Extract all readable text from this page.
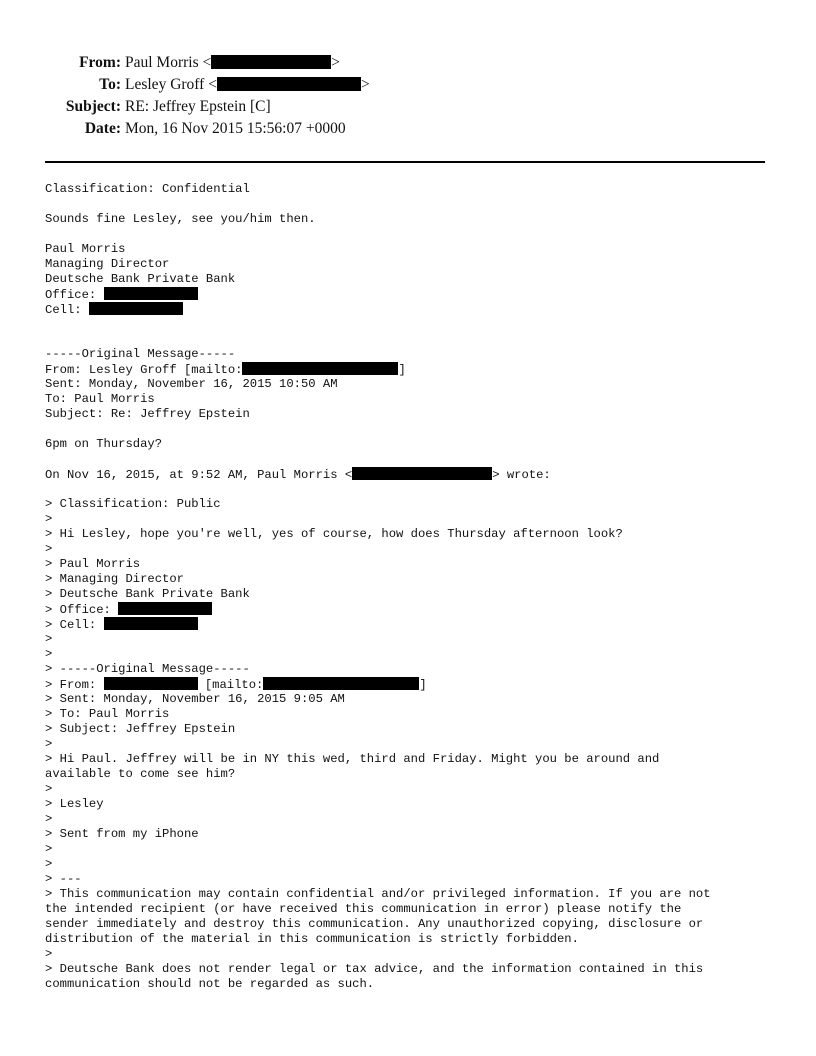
From: Paul Morris <	>
To: Lesley Groff <	>
Subject: RE: Jeffrey Epstein [C]
Date: Mon, 16 Nov 2015 15:56:07 +0000
Classification: Confidential
Sounds fine Lesley, see you/him then.
Paul Morris
Managing Director
Deutsche Bank Private Bank
Office:
Cell:
-----Original Message-----
From: Lesley Groff [mailto:	]
Sent: Monday, November 16, 2015 10:50 AM
To: Paul Morris
Subject: Re: Jeffrey Epstein
6pm on Thursday?
On Nov 16, 2015, at 9:52 AM, Paul Morris <	> wrote:
> Classification: Public
>
> Hi Lesley, hope you're well, yes of course, how does Thursday afternoon look?
>
> Paul Morris
> Managing Director
> Deutsche Bank Private Bank
> Office:
> Cell:
>
>
> -----Original Message-----
> From:	[mailto:	]
> Sent: Monday, November 16, 2015 9:05 AM
> To: Paul Morris
> Subject: Jeffrey Epstein
>
> Hi Paul. Jeffrey will be in NY this wed, third and Friday. Might you be around and
available to come see him?
>
> Lesley
>
> Sent from my iPhone
>
>
> ---
> This communication may contain confidential and/or privileged information. If you are not
the intended recipient (or have received this communication in error) please notify the
sender immediately and destroy this communication. Any unauthorized copying, disclosure or
distribution of the material in this communication is strictly forbidden.
>
> Deutsche Bank does not render legal or tax advice, and the information contained in this
communication should not be regarded as such.
